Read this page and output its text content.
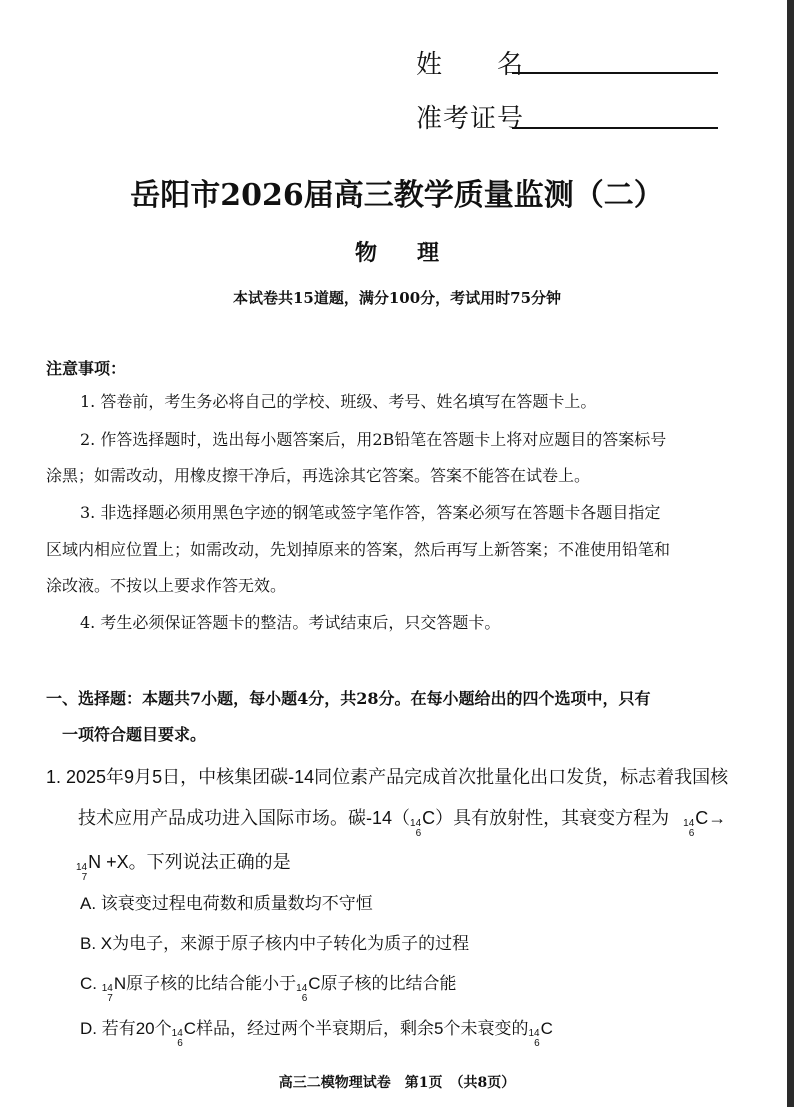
姓　　名
准考证号
岳阳市2026届高三教学质量监测（二）
物理
本试卷共15道题，满分100分，考试用时75分钟
注意事项：
1. 答卷前，考生务必将自己的学校、班级、考号、姓名填写在答题卡上。
2. 作答选择题时，选出每小题答案后，用2B铅笔在答题卡上将对应题目的答案标号
涂黑；如需改动，用橡皮擦干净后，再选涂其它答案。答案不能答在试卷上。
3. 非选择题必须用黑色字迹的钢笔或签字笔作答，答案必须写在答题卡各题目指定
区域内相应位置上；如需改动，先划掉原来的答案，然后再写上新答案；不准使用铅笔和
涂改液。不按以上要求作答无效。
4. 考生必须保证答题卡的整洁。考试结束后，只交答题卡。
一、选择题：本题共7小题，每小题4分，共28分。在每小题给出的四个选项中，只有
一项符合题目要求。
1. 2025年9月5日，中核集团碳-14同位素产品完成首次批量化出口发货，标志着我国核
技术应用产品成功进入国际市场。碳-14（ 14
6
C）具有放射性，其衰变方程为 14
6
C→
14
7
N +X。下列说法正确的是
A. 该衰变过程电荷数和质量数均不守恒
B. X为电子，来源于原子核内中子转化为质子的过程
C. 14
7
N原子核的比结合能小于 14
6
C原子核的比结合能
D. 若有20个 14
6
C样品，经过两个半衰期后，剩余5个未衰变的 14
6
C
高三二模物理试卷　第1页　（共8页）
